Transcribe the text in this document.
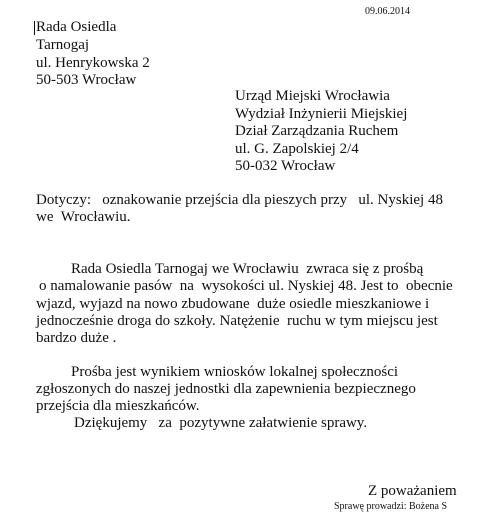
09.06.2014
Rada Osiedla
Tarnogaj
ul. Henrykowska 2
50-503 Wrocław
Urząd Miejski Wrocławia
Wydział Inżynierii Miejskiej
Dział Zarządzania Ruchem
ul. G. Zapolskiej 2/4
50-032 Wrocław
Dotyczy:   oznakowanie przejścia dla pieszych przy   ul. Nyskiej 48
we  Wrocławiu.
Rada Osiedla Tarnogaj we Wrocławiu  zwraca się z prośbą
o namalowanie pasów  na  wysokości ul. Nyskiej 48. Jest to  obecnie
wjazd, wyjazd na nowo zbudowane  duże osiedle mieszkaniowe i
jednocześnie droga do szkoły. Natężenie  ruchu w tym miejscu jest
bardzo duże .
Prośba jest wynikiem wniosków lokalnej społeczności
zgłoszonych do naszej jednostki dla zapewnienia bezpiecznego
przejścia dla mieszkańców.
Dziękujemy   za  pozytywne załatwienie sprawy.
Z poważaniem
Sprawę prowadzi: Bożena S
